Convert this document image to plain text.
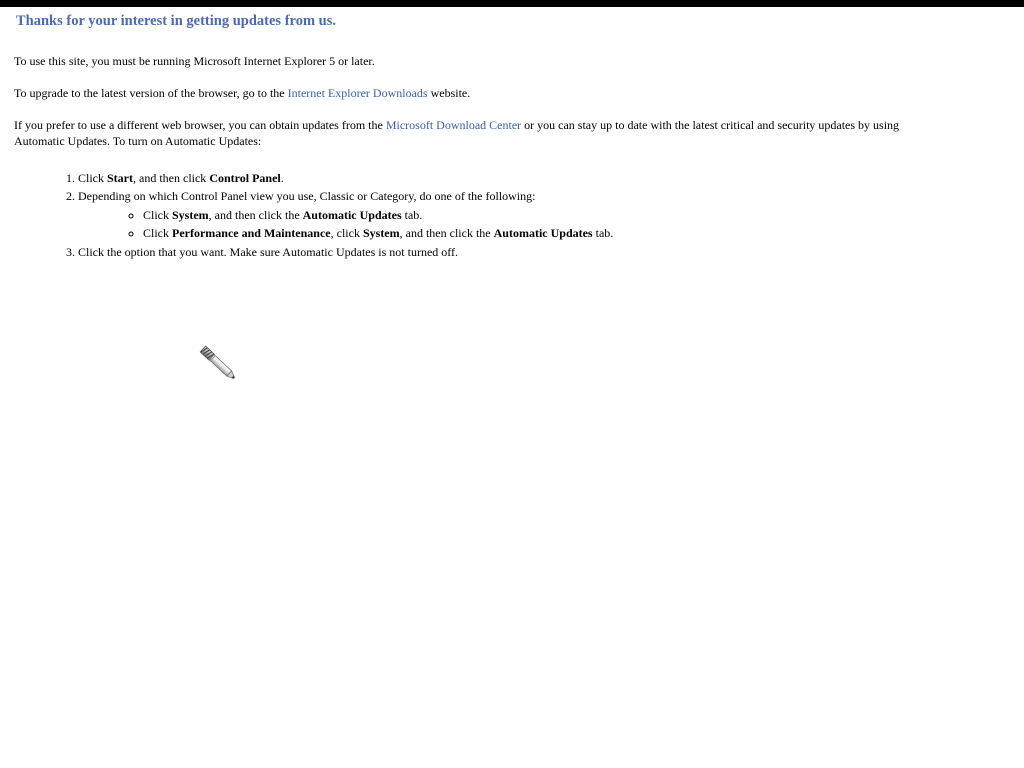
Thanks for your interest in getting updates from us.

To use this site, you must be running Microsoft Internet Explorer 5 or later.

To upgrade to the latest version of the browser, go to the Internet Explorer Downloads website.

If you prefer to use a different web browser, you can obtain updates from the Microsoft Download Center or you can stay up to date with the latest critical and security updates by using
Automatic Updates. To turn on Automatic Updates:

1. Click Start, and then click Control Panel.
2. Depending on which Control Panel view you use, Classic or Category, do one of the following:
◦ Click System, and then click the Automatic Updates tab.
◦ Click Performance and Maintenance, click System, and then click the Automatic Updates tab.
3. Click the option that you want. Make sure Automatic Updates is not turned off.
